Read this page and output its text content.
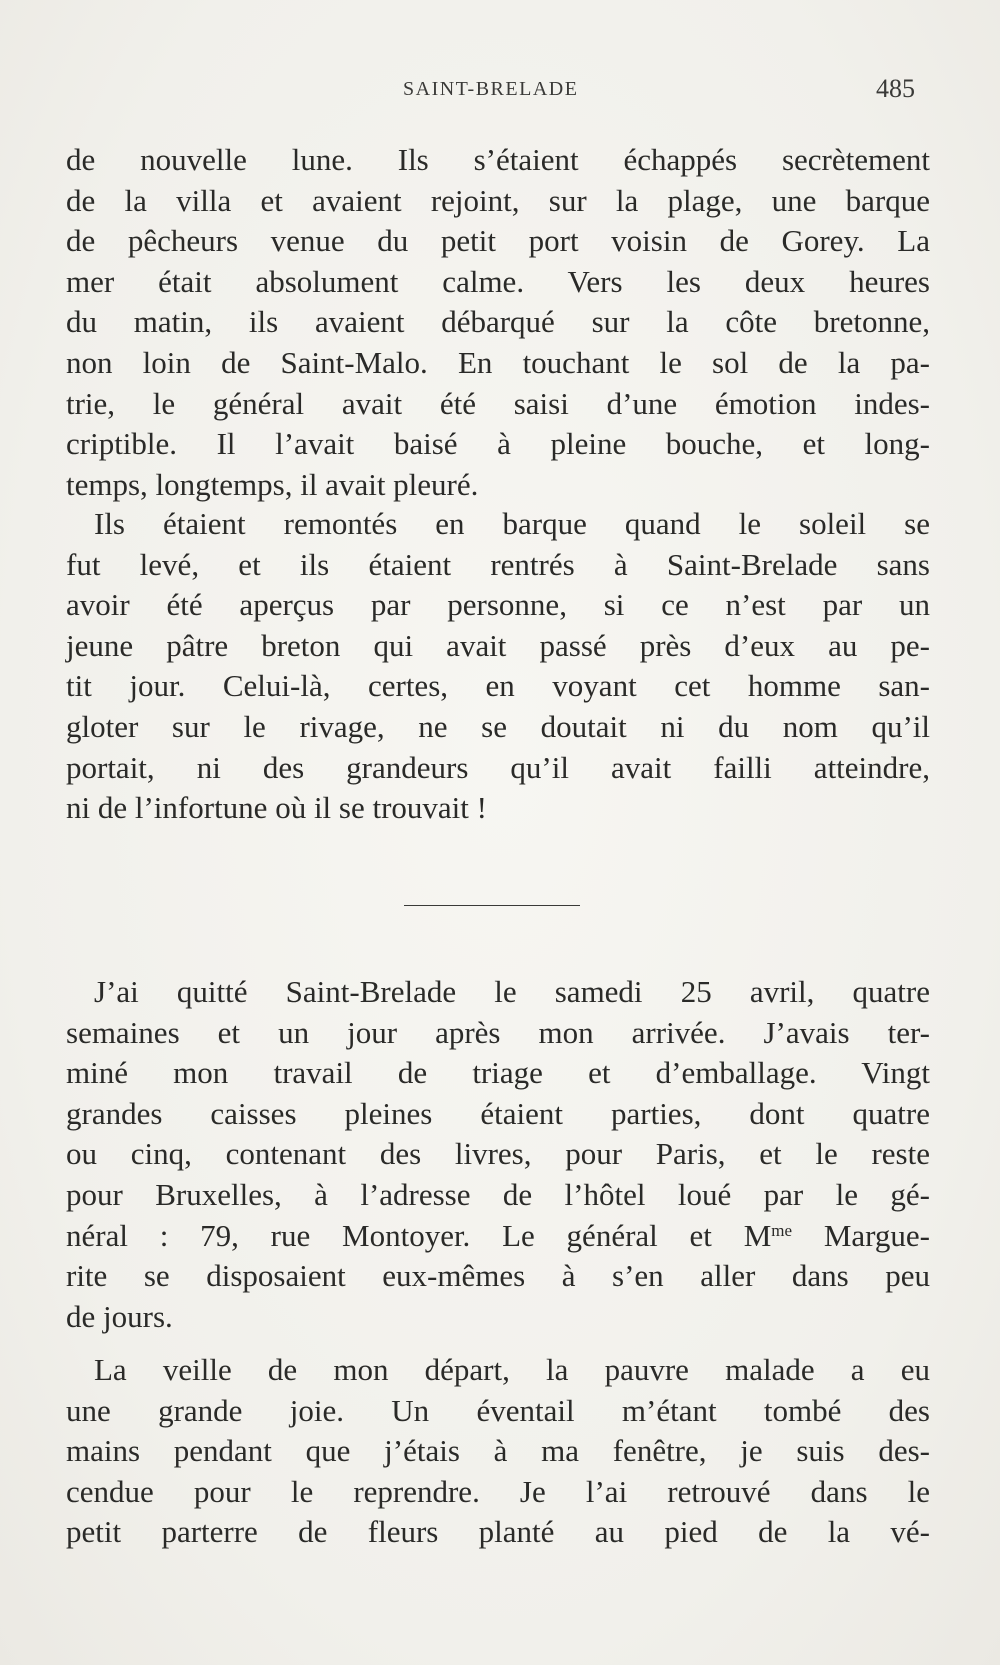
SAINT-BRELADE	485
de nouvelle lune. Ils s’étaient échappés secrètement
de la villa et avaient rejoint, sur la plage, une barque
de pêcheurs venue du petit port voisin de Gorey. La
mer était absolument calme. Vers les deux heures
du matin, ils avaient débarqué sur la côte bretonne,
non loin de Saint-Malo. En touchant le sol de la pa-
trie, le général avait été saisi d’une émotion indes-
criptible. Il l’avait baisé à pleine bouche, et long-
temps, longtemps, il avait pleuré.
Ils étaient remontés en barque quand le soleil se
fut levé, et ils étaient rentrés à Saint-Brelade sans
avoir été aperçus par personne, si ce n’est par un
jeune pâtre breton qui avait passé près d’eux au pe-
tit jour. Celui-là, certes, en voyant cet homme san-
gloter sur le rivage, ne se doutait ni du nom qu’il
portait, ni des grandeurs qu’il avait failli atteindre,
ni de l’infortune où il se trouvait !
J’ai quitté Saint-Brelade le samedi 25 avril, quatre
semaines et un jour après mon arrivée. J’avais ter-
miné mon travail de triage et d’emballage. Vingt
grandes caisses pleines étaient parties, dont quatre
ou cinq, contenant des livres, pour Paris, et le reste
pour Bruxelles, à l’adresse de l’hôtel loué par le gé-
néral : 79, rue Montoyer. Le général et $M^{me}$ Margue-
rite se disposaient eux-mêmes à s’en aller dans peu
de jours.
La veille de mon départ, la pauvre malade a eu
une grande joie. Un éventail m’étant tombé des
mains pendant que j’étais à ma fenêtre, je suis des-
cendue pour le reprendre. Je l’ai retrouvé dans le
petit parterre de fleurs planté au pied de la vé-
